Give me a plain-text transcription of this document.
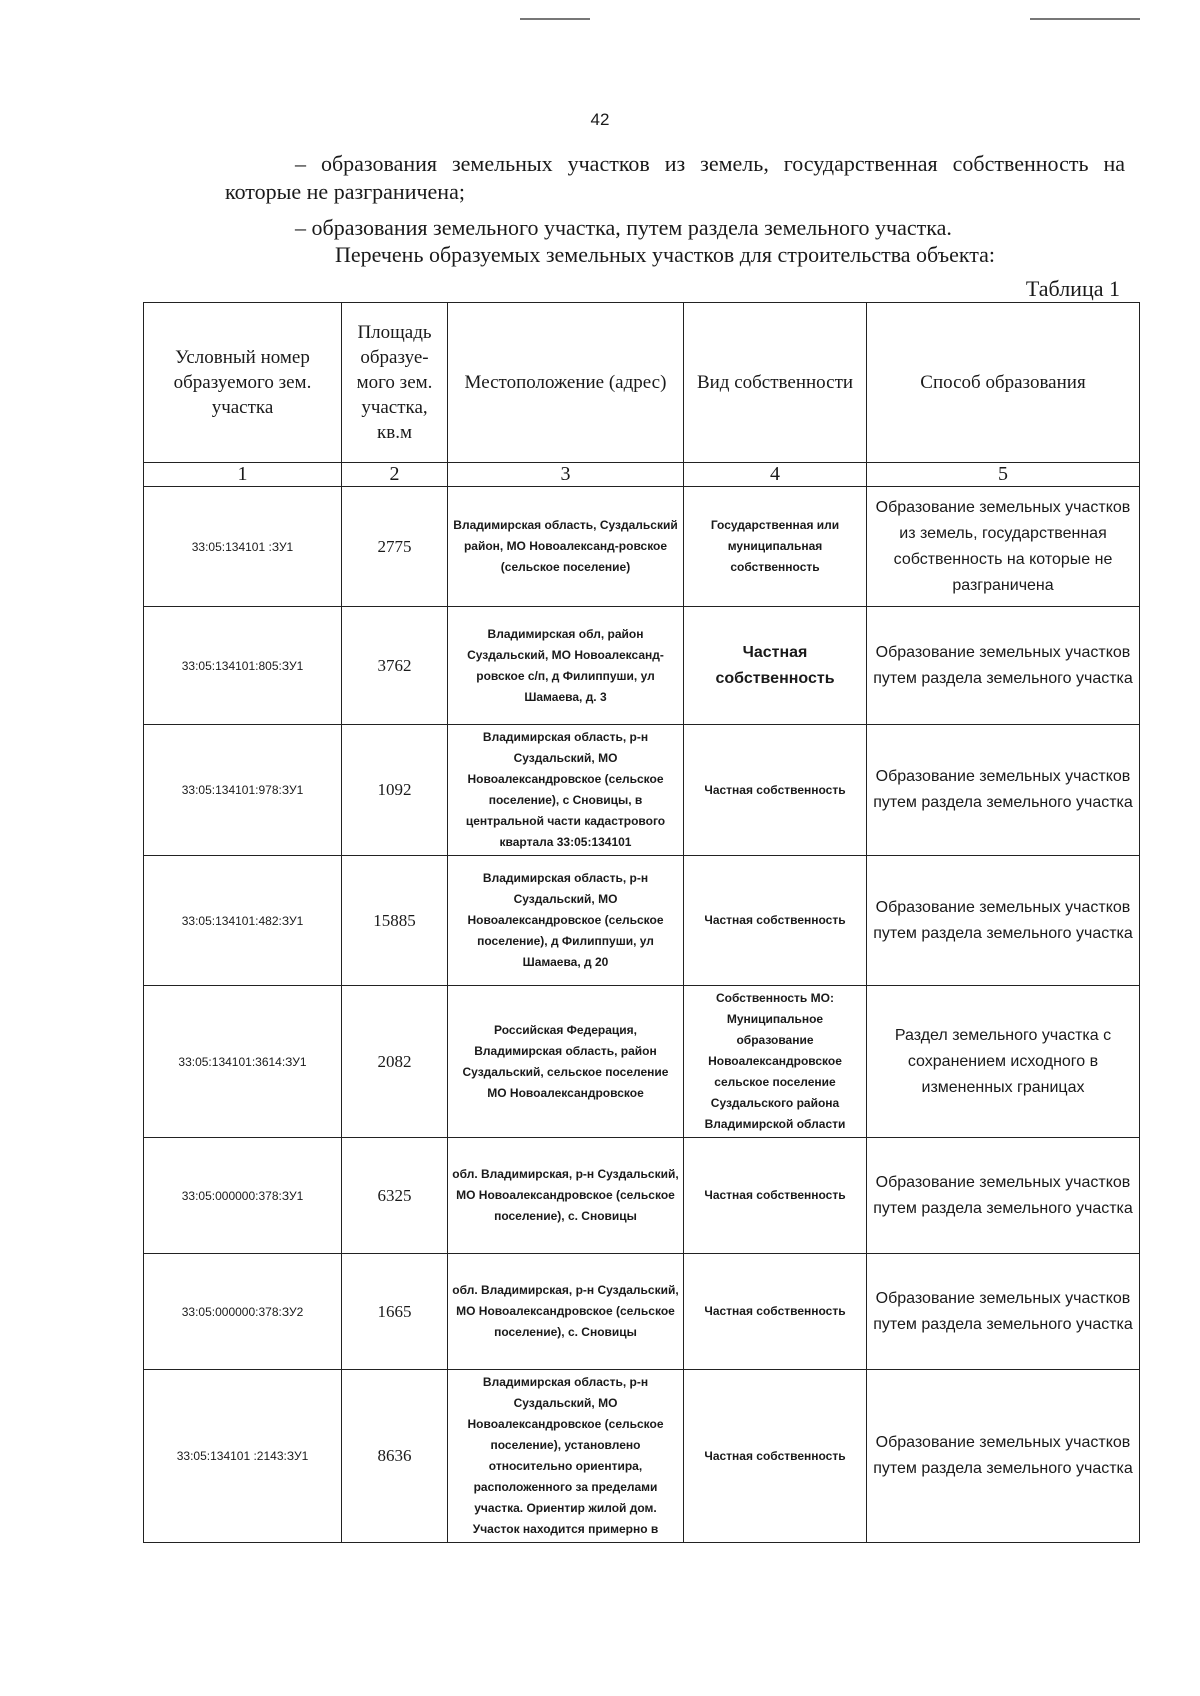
42
– образования земельных участков из земель, государственная собственность на которые не разграничена;
– образования земельного участка, путем раздела земельного участка.
Перечень образуемых земельных участков для строительства объекта:
Таблица 1
Условный номер образуемого зем. участка	Площадь образуе-мого зем. участка, кв.м	Местоположение (адрес)	Вид собственности	Способ образования
1	2	3	4	5
33:05:134101 :ЗУ1	2775	Владимирская область, Суздальский район, МО Новоалександ-ровское (сельское поселение)	Государственная или муниципальная собственность	Образование земельных участков из земель, государственная собственность на которые не разграничена
33:05:134101:805:ЗУ1	3762	Владимирская обл, район Суздальский, МО Новоалександ-ровское с/п, д Филиппуши, ул Шамаева, д. 3	Частная собственность	Образование земельных участков путем раздела земельного участка
33:05:134101:978:ЗУ1	1092	Владимирская область, р-н Суздальский, МО Новоалександровское (сельское поселение), с Сновицы, в центральной части кадастрового квартала 33:05:134101	Частная собственность	Образование земельных участков путем раздела земельного участка
33:05:134101:482:ЗУ1	15885	Владимирская область, р-н Суздальский, МО Новоалександровское (сельское поселение), д Филиппуши, ул Шамаева, д 20	Частная собственность	Образование земельных участков путем раздела земельного участка
33:05:134101:3614:ЗУ1	2082	Российская Федерация, Владимирская область, район Суздальский, сельское поселение МО Новоалександровское	Собственность МО: Муниципальное образование Новоалександровское сельское поселение Суздальского района Владимирской области	Раздел земельного участка с сохранением исходного в измененных границах
33:05:000000:378:ЗУ1	6325	обл. Владимирская, р-н Суздальский, МО Новоалександровское (сельское поселение), с. Сновицы	Частная собственность	Образование земельных участков путем раздела земельного участка
33:05:000000:378:ЗУ2	1665	обл. Владимирская, р-н Суздальский, МО Новоалександровское (сельское поселение), с. Сновицы	Частная собственность	Образование земельных участков путем раздела земельного участка
33:05:134101 :2143:ЗУ1	8636	Владимирская область, р-н Суздальский, МО Новоалександровское (сельское поселение), установлено относительно ориентира, расположенного за пределами участка. Ориентир жилой дом. Участок находится примерно в	Частная собственность	Образование земельных участков путем раздела земельного участка
